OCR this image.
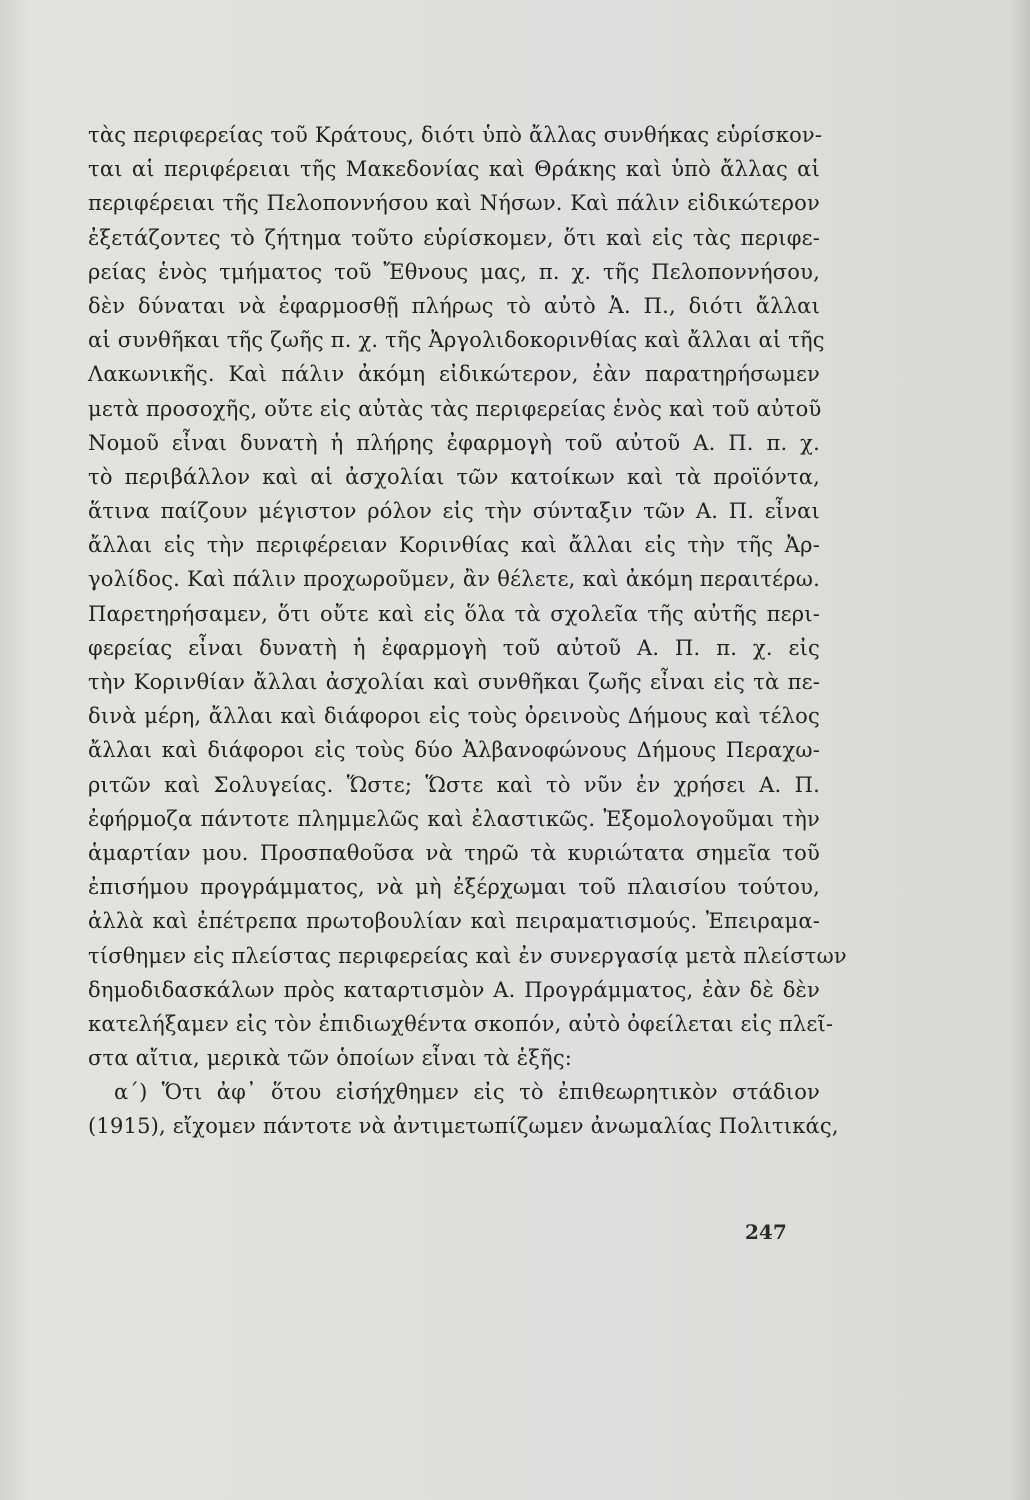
τὰς περιφερείας τοῦ Κράτους, διότι ὑπὸ ἄλλας συνθήκας εὑρίσκον-
ται αἱ περιφέρειαι τῆς Μακεδονίας καὶ Θράκης καὶ ὑπὸ ἄλλας αἱ
περιφέρειαι τῆς Πελοποννήσου καὶ Νήσων. Καὶ πάλιν εἰδικώτερον
ἐξετάζοντες τὸ ζήτημα τοῦτο εὑρίσκομεν, ὅτι καὶ εἰς τὰς περιφε-
ρείας ἑνὸς τμήματος τοῦ Ἔθνους μας, π. χ. τῆς Πελοποννήσου,
δὲν δύναται νὰ ἐφαρμοσθῇ πλήρως τὸ αὐτὸ Ἀ. Π., διότι ἄλλαι
αἱ συνθῆκαι τῆς ζωῆς π. χ. τῆς Ἀργολιδοκορινθίας καὶ ἄλλαι αἱ τῆς
Λακωνικῆς. Καὶ πάλιν ἀκόμη εἰδικώτερον, ἐὰν παρατηρήσωμεν
μετὰ προσοχῆς, οὔτε εἰς αὐτὰς τὰς περιφερείας ἑνὸς καὶ τοῦ αὐτοῦ
Νομοῦ εἶναι δυνατὴ ἡ πλήρης ἐφαρμογὴ τοῦ αὐτοῦ Α. Π. π. χ.
τὸ περιβάλλον καὶ αἱ ἀσχολίαι τῶν κατοίκων καὶ τὰ προϊόντα,
ἅτινα παίζουν μέγιστον ρόλον εἰς τὴν σύνταξιν τῶν Α. Π. εἶναι
ἄλλαι εἰς τὴν περιφέρειαν Κορινθίας καὶ ἄλλαι εἰς τὴν τῆς Ἀρ-
γολίδος. Καὶ πάλιν προχωροῦμεν, ἂν θέλετε, καὶ ἀκόμη περαιτέρω.
Παρετηρήσαμεν, ὅτι οὔτε καὶ εἰς ὅλα τὰ σχολεῖα τῆς αὐτῆς περι-
φερείας εἶναι δυνατὴ ἡ ἐφαρμογὴ τοῦ αὐτοῦ Α. Π. π. χ. εἰς
τὴν Κορινθίαν ἄλλαι ἀσχολίαι καὶ συνθῆκαι ζωῆς εἶναι εἰς τὰ πε-
δινὰ μέρη, ἄλλαι καὶ διάφοροι εἰς τοὺς ὀρεινοὺς Δήμους καὶ τέλος
ἄλλαι καὶ διάφοροι εἰς τοὺς δύο Ἀλβανοφώνους Δήμους Περαχω-
ριτῶν καὶ Σολυγείας. Ὥστε; Ὥστε καὶ τὸ νῦν ἐν χρήσει Α. Π.
ἐφήρμοζα πάντοτε πλημμελῶς καὶ ἐλαστικῶς. Ἐξομολογοῦμαι τὴν
ἁμαρτίαν μου. Προσπαθοῦσα νὰ τηρῶ τὰ κυριώτατα σημεῖα τοῦ
ἐπισήμου προγράμματος, νὰ μὴ ἐξέρχωμαι τοῦ πλαισίου τούτου,
ἀλλὰ καὶ ἐπέτρεπα πρωτοβουλίαν καὶ πειραματισμούς. Ἐπειραμα-
τίσθημεν εἰς πλείστας περιφερείας καὶ ἐν συνεργασίᾳ μετὰ πλείστων
δημοδιδασκάλων πρὸς καταρτισμὸν Α. Προγράμματος, ἐὰν δὲ δὲν
κατελήξαμεν εἰς τὸν ἐπιδιωχθέντα σκοπόν, αὐτὸ ὀφείλεται εἰς πλεῖ-
στα αἴτια, μερικὰ τῶν ὁποίων εἶναι τὰ ἑξῆς:
α΄) Ὅτι ἀφ᾽ ὅτου εἰσήχθημεν εἰς τὸ ἐπιθεωρητικὸν στάδιον
(1915), εἴχομεν πάντοτε νὰ ἀντιμετωπίζωμεν ἀνωμαλίας Πολιτικάς,
247
